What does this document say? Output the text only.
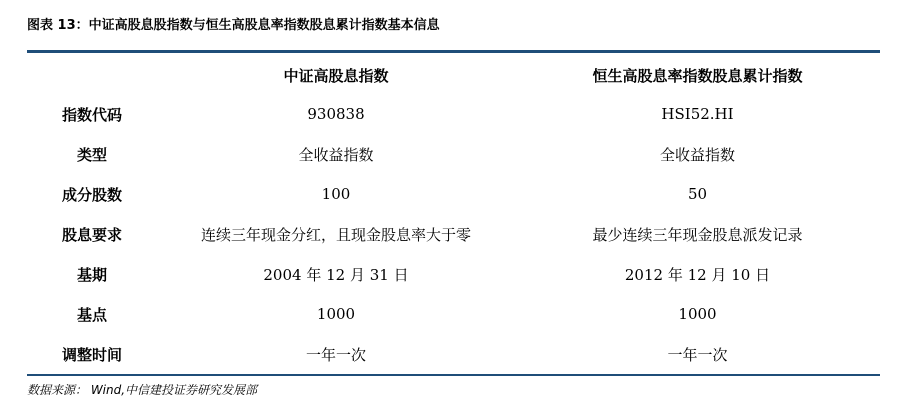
图表 13：中证高股息股指数与恒生高股息率指数股息累计指数基本信息
	中证高股息指数	恒生高股息率指数股息累计指数
指数代码	930838	HSI52.HI
类型	全收益指数	全收益指数
成分股数	100	50
股息要求	连续三年现金分红，且现金股息率大于零	最少连续三年现金股息派发记录
基期	2004 年 12 月 31 日	2012 年 12 月 10 日
基点	1000	1000
调整时间	一年一次	一年一次
数据来源： Wind,中信建投证券研究发展部
